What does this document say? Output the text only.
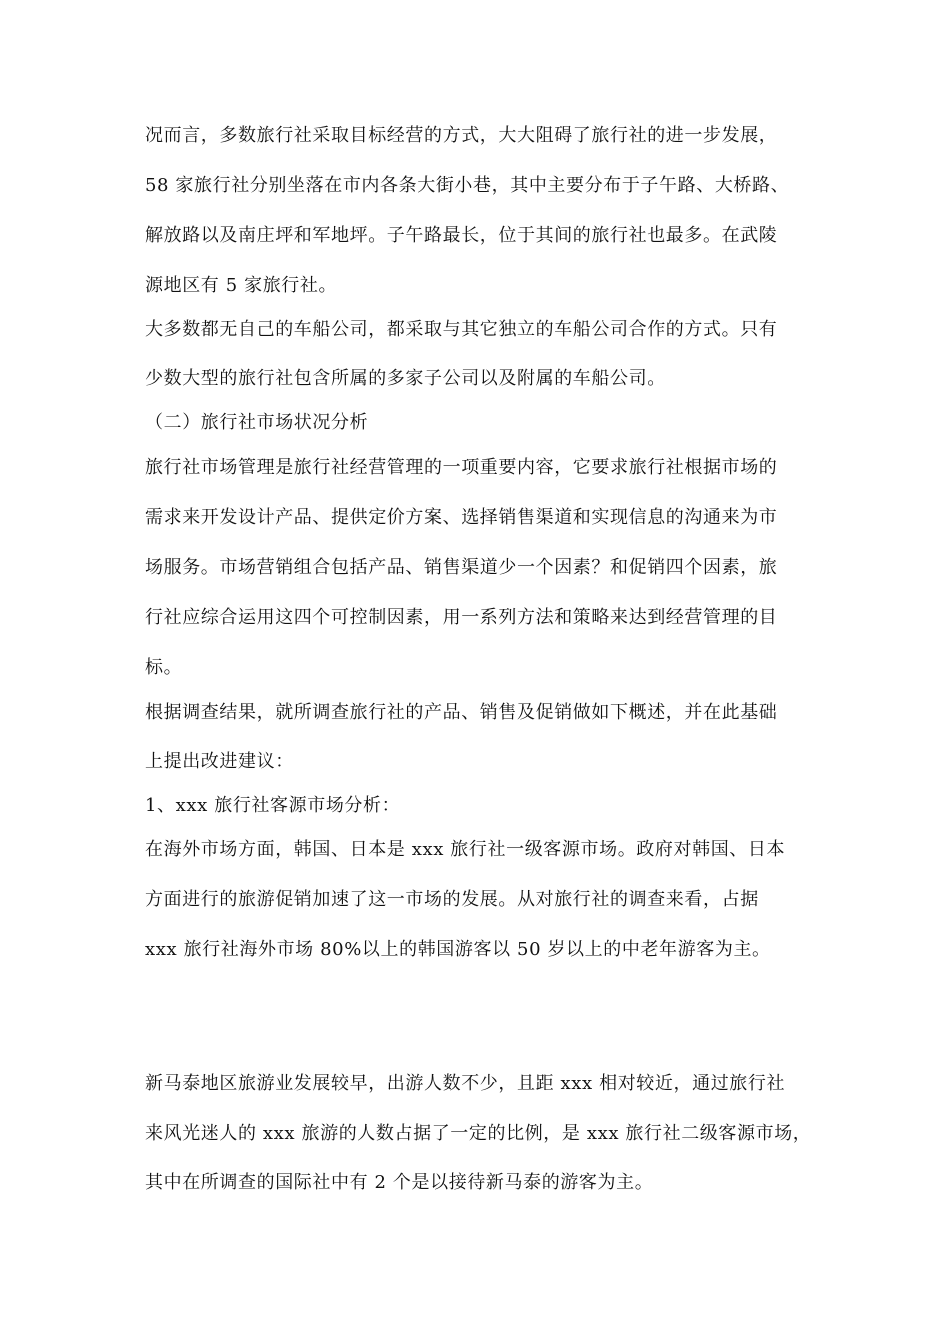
况而言，多数旅行社采取目标经营的方式，大大阻碍了旅行社的进一步发展，
58 家旅行社分别坐落在市内各条大街小巷，其中主要分布于子午路、大桥路、
解放路以及南庄坪和军地坪。子午路最长，位于其间的旅行社也最多。在武陵
源地区有 5 家旅行社。
大多数都无自己的车船公司，都采取与其它独立的车船公司合作的方式。只有
少数大型的旅行社包含所属的多家子公司以及附属的车船公司。
（二）旅行社市场状况分析
旅行社市场管理是旅行社经营管理的一项重要内容，它要求旅行社根据市场的
需求来开发设计产品、提供定价方案、选择销售渠道和实现信息的沟通来为市
场服务。市场营销组合包括产品、销售渠道少一个因素？和促销四个因素，旅
行社应综合运用这四个可控制因素，用一系列方法和策略来达到经营管理的目
标。
根据调查结果，就所调查旅行社的产品、销售及促销做如下概述，并在此基础
上提出改进建议：
1、xxx 旅行社客源市场分析：
在海外市场方面，韩国、日本是 xxx 旅行社一级客源市场。政府对韩国、日本
方面进行的旅游促销加速了这一市场的发展。从对旅行社的调查来看，占据
xxx 旅行社海外市场 80%以上的韩国游客以 50 岁以上的中老年游客为主。
新马泰地区旅游业发展较早，出游人数不少，且距 xxx 相对较近，通过旅行社
来风光迷人的 xxx 旅游的人数占据了一定的比例，是 xxx 旅行社二级客源市场，
其中在所调查的国际社中有 2 个是以接待新马泰的游客为主。
